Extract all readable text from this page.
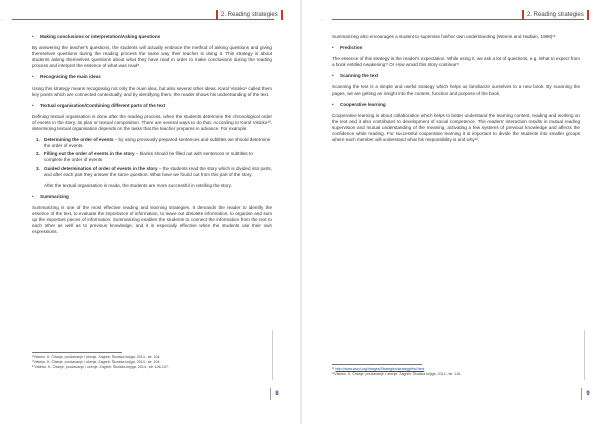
2. Reading strategies
• Making conclusions or interpretation/Asking questions

By answering the teacher's questions, the students will actually embrace the method of asking questions and giving themselves questions during the reading process the same way their teacher is doing it. This strategy is about students asking themselves questions about what they have read in order to make conclusions during the reading process and interpret the essence of what was read⁸.

• Recognising the main ideas

Using this strategy means recognising not only the main idea, but also several other ideas. Karol Visinko⁹ called them key points which are connected contextually, and by identifying them, the reader shows his understanding of the text.

• Textual organisation/Combining different parts of the text

Defining textual organisation is done after the reading process, when the students determine the chronological order of events in the story, its plan or textual composition. There are several ways to do that. According to Karol Visinko¹⁰, determining textual organisation depends on the tasks that the teacher prepares in advance. For example:

1. Determining the order of events – by using previously prepared sentences and subtitles we should determine the order of events.
2. Filling out the order of events in the story – blanks should be filled out with sentences or subtitles to complete the order of events
3. Guided determination of order of events in the story – the students read the story which is divided into parts, and after each part they answer the same question: What have we found out from this part of the story.

After the textual organisation is made, the students are more successful in retelling the story.

• Summarizing

Summarizing is one of the most effective reading and learning strategies. It demands the reader to identify the essence of the text, to evaluate the importance of information, to leave out obsolete information, to organise and sum up the important pieces of information. Summarizing enables the students to connect the information from the text to each other as well as to previous knowledge, and it is especially effective when the students use their own expressions.

⁸Visinko, K. Čitanje, poučavanje i učenje. Zagreb: Školska knjiga, 2014., str. 104.
⁹Visinko, K. Čitanje, poučavanje i učenje. Zagreb: Školska knjiga, 2014., str. 104.
¹⁰Visinko, K. Čitanje, poučavanje i učenje. Zagreb: Školska knjiga, 2014., str. 106-107.
8
2. Reading strategies

Summarizing also encourages a student to supervise his/her own understanding (Wenne and Hadwin, 1998)¹¹.

• Prediction

The essence of this strategy is the reader's expectation. While using it, we ask a lot of questions, e.g. What to expect from a book entitled Awakening? Or How would this story continue?

• Scanning the text

Scanning the text is a simple and useful strategy which helps us familiarize ourselves to a new book. By scanning the pages, we are getting an insight into the content, function and purpose of the book.

• Cooperative learning

Cooperative learning is about collaboration which helps to better understand the learning content, reading and working on the text and it also contributes to development of social competence. The readers' interaction results in mutual reading supervision and mutual understanding of the meaning, activating a few systems of previous knowledge and affects the confidence while reading. For successful cooperative learning it is important to divide the students into smaller groups where each member will understand what his responsibility is and why¹².

¹¹ http://www.ascd.org/Images/Strategies/strategy/fnd.html
¹²Visinko, K. Čitanje, poučavanje i učenje. Zagreb: Školska knjiga, 2014., str. 116.
9
